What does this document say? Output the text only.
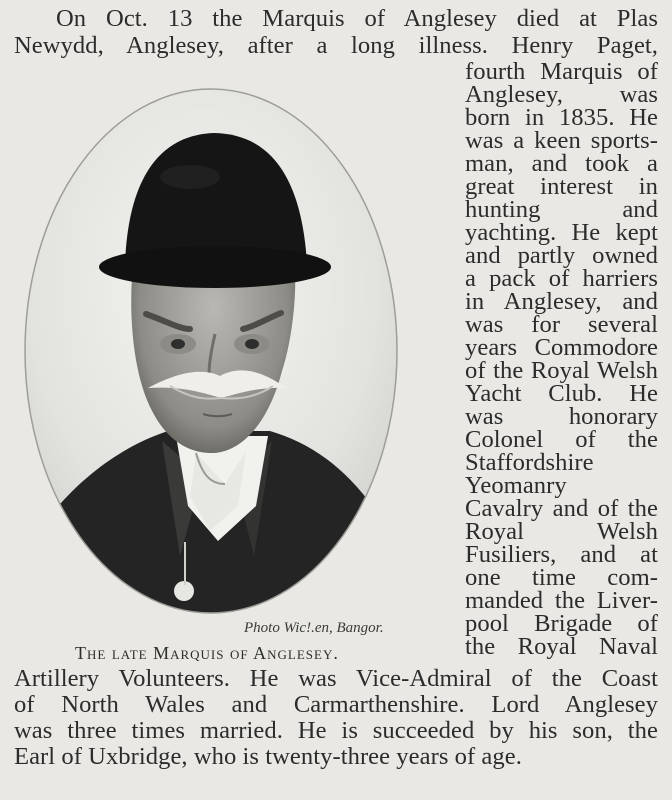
On Oct. 13 the Marquis of Anglesey died at Plas
Newydd, Anglesey, after a long illness. Henry Paget,
fourth Marquis of
Anglesey, was
born in 1835. He
was a keen sports-
man, and took a
great interest in
hunting and
yachting. He kept
and partly owned
a pack of harriers
in Anglesey, and
was for several
years Commodore
of the Royal Welsh
Yacht Club. He
was honorary
Colonel of the
Staffordshire
Yeomanry
Cavalry and of the
Royal Welsh
Fusiliers, and at
one time com-
manded the Liver-
pool Brigade of
the Royal Naval
Artillery Volunteers. He was Vice-Admiral of the Coast
of North Wales and Carmarthenshire. Lord Anglesey
was three times married. He is succeeded by his son, the
Earl of Uxbridge, who is twenty-three years of age.
Photo Wic!.en, Bangor.
The late Marquis of Anglesey.
